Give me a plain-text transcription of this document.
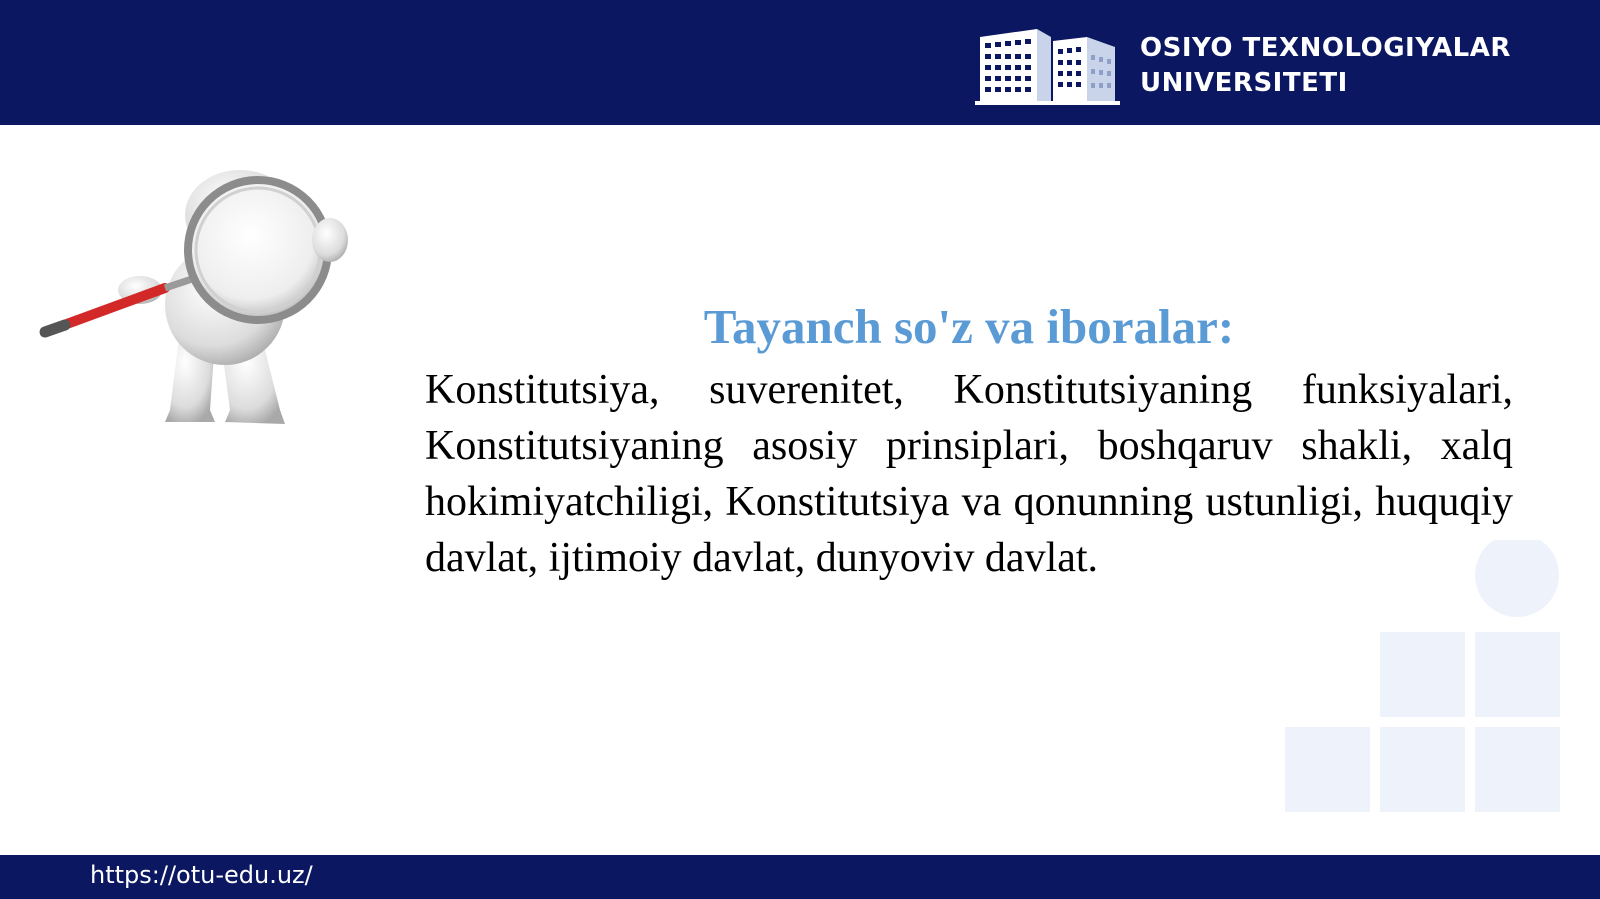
OSIYO TEXNOLOGIYALAR
UNIVERSITETI
Tayanch so'z va iboralar:
Konstitutsiya, suverenitet, Konstitutsiyaning funksiyalari, Konstitutsiyaning asosiy prinsiplari, boshqaruv shakli, xalq hokimiyatchiligi, Konstitutsiya va qonunning ustunligi, huquqiy davlat, ijtimoiy davlat, dunyoviv davlat.
https://otu-edu.uz/
